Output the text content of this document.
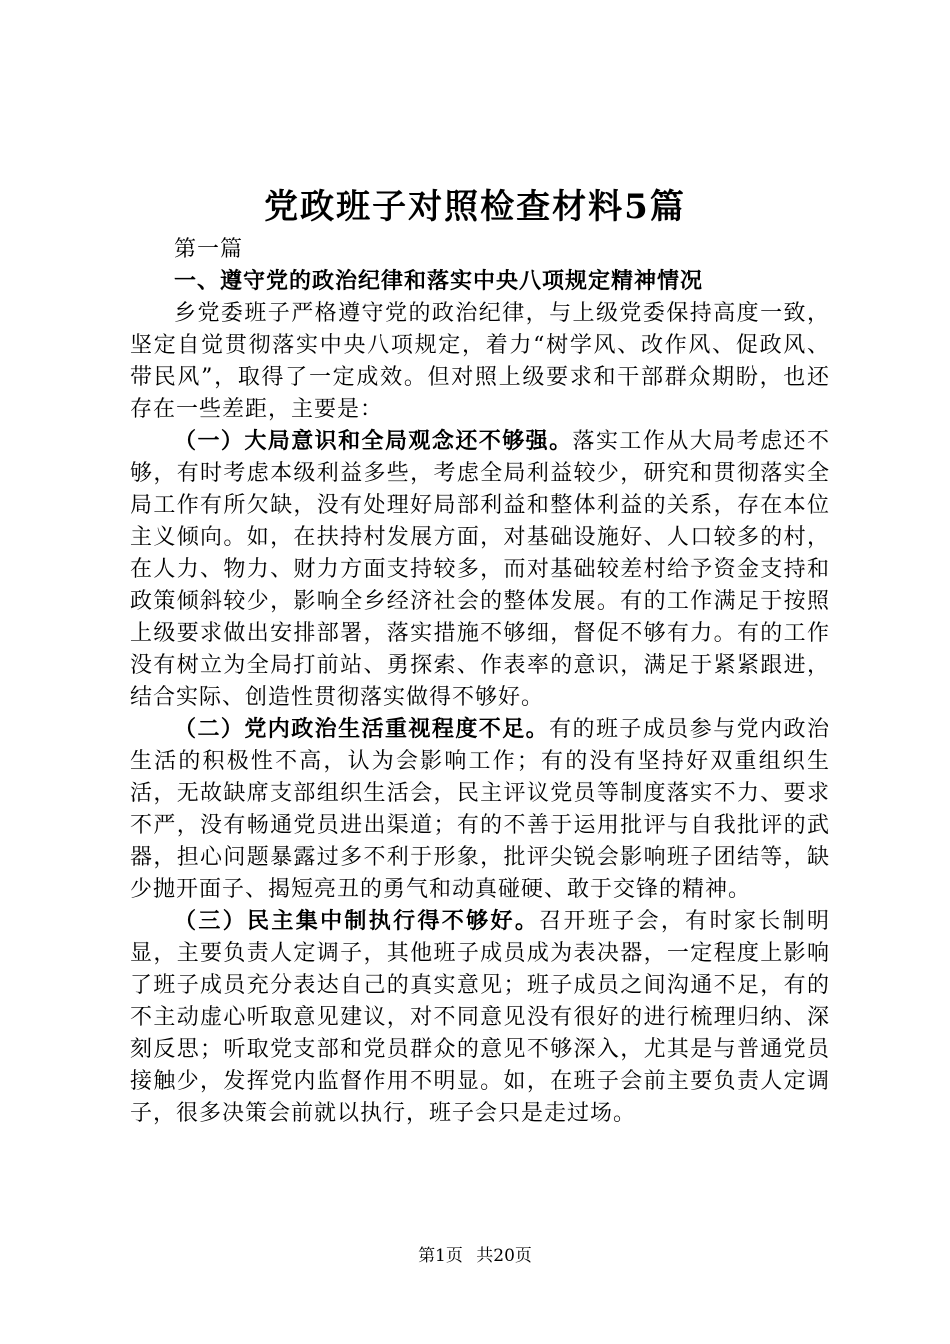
党政班子对照检查材料5篇

第一篇

一、遵守党的政治纪律和落实中央八项规定精神情况

乡党委班子严格遵守党的政治纪律，与上级党委保持高度一致，坚定自觉贯彻落实中央八项规定，着力“树学风、改作风、促政风、带民风”，取得了一定成效。但对照上级要求和干部群众期盼，也还存在一些差距，主要是：

（一）大局意识和全局观念还不够强。落实工作从大局考虑还不够，有时考虑本级利益多些，考虑全局利益较少，研究和贯彻落实全局工作有所欠缺，没有处理好局部利益和整体利益的关系，存在本位主义倾向。如，在扶持村发展方面，对基础设施好、人口较多的村，在人力、物力、财力方面支持较多，而对基础较差村给予资金支持和政策倾斜较少，影响全乡经济社会的整体发展。有的工作满足于按照上级要求做出安排部署，落实措施不够细，督促不够有力。有的工作没有树立为全局打前站、勇探索、作表率的意识，满足于紧紧跟进，结合实际、创造性贯彻落实做得不够好。

（二）党内政治生活重视程度不足。有的班子成员参与党内政治生活的积极性不高，认为会影响工作；有的没有坚持好双重组织生活，无故缺席支部组织生活会，民主评议党员等制度落实不力、要求不严，没有畅通党员进出渠道；有的不善于运用批评与自我批评的武器，担心问题暴露过多不利于形象，批评尖锐会影响班子团结等，缺少抛开面子、揭短亮丑的勇气和动真碰硬、敢于交锋的精神。

（三）民主集中制执行得不够好。召开班子会，有时家长制明显，主要负责人定调子，其他班子成员成为表决器，一定程度上影响了班子成员充分表达自己的真实意见；班子成员之间沟通不足，有的不主动虚心听取意见建议，对不同意见没有很好的进行梳理归纳、深刻反思；听取党支部和党员群众的意见不够深入，尤其是与普通党员接触少，发挥党内监督作用不明显。如，在班子会前主要负责人定调子，很多决策会前就以执行，班子会只是走过场。

第1页 共20页
